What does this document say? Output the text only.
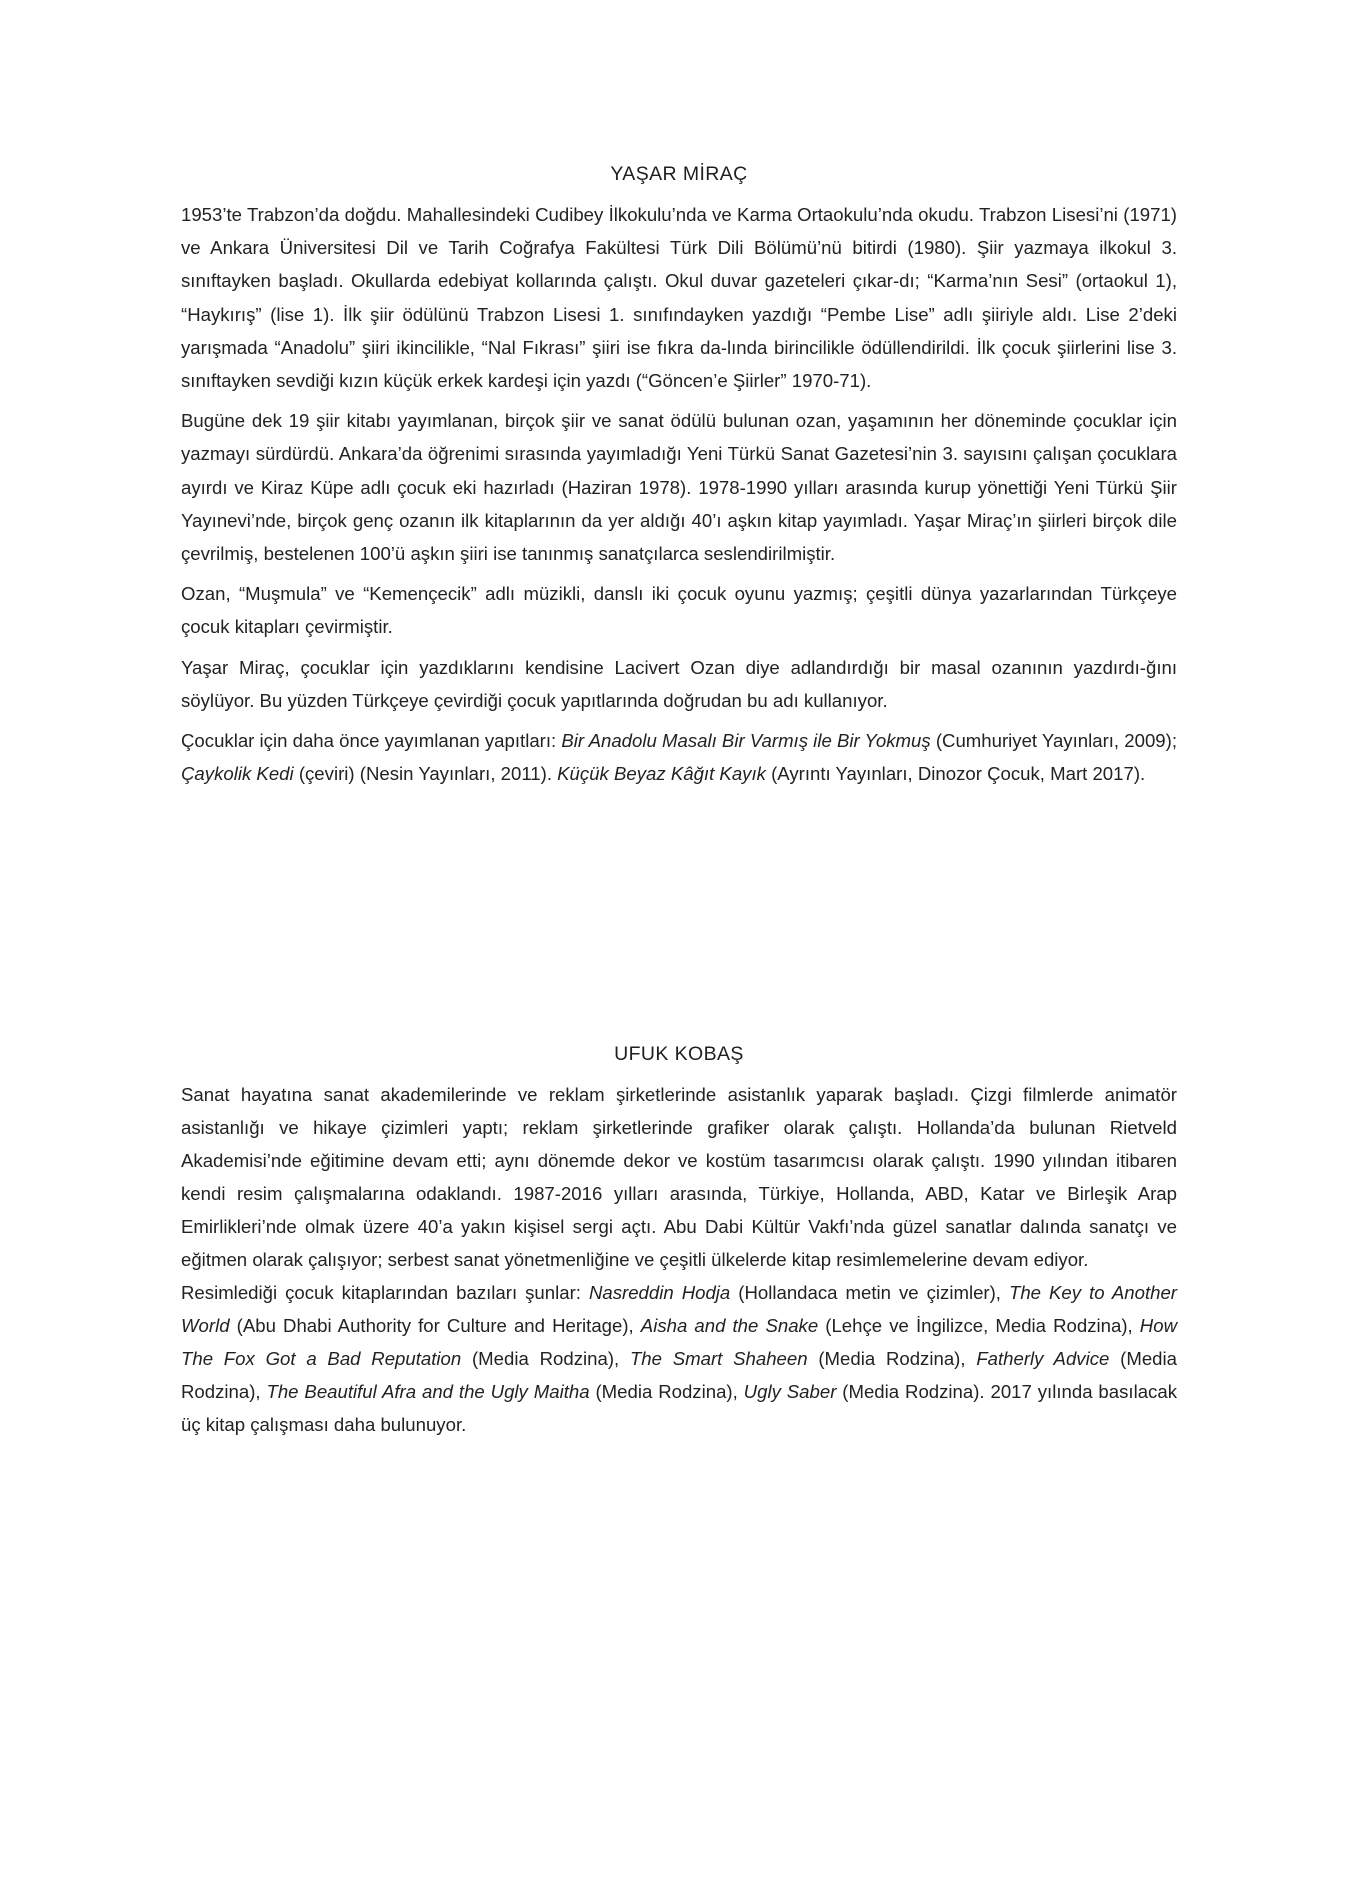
YAŞAR MİRAÇ

1953’te Trabzon’da doğdu. Mahallesindeki Cudibey İlkokulu’nda ve Karma Ortaokulu’nda okudu. Trabzon Lisesi’ni (1971) ve Ankara Üniversitesi Dil ve Tarih Coğrafya Fakültesi Türk Dili Bölümü’nü bitirdi (1980). Şiir yazmaya ilkokul 3. sınıftayken başladı. Okullarda edebiyat kollarında çalıştı. Okul duvar gazeteleri çıkar-dı; “Karma’nın Sesi” (ortaokul 1), “Haykırış” (lise 1). İlk şiir ödülünü Trabzon Lisesi 1. sınıfındayken yazdığı “Pembe Lise” adlı şiiriyle aldı. Lise 2’deki yarışmada “Anadolu” şiiri ikincilikle, “Nal Fıkrası” şiiri ise fıkra da-lında birincilikle ödüllendirildi. İlk çocuk şiirlerini lise 3. sınıftayken sevdiği kızın küçük erkek kardeşi için yazdı (“Göncen’e Şiirler” 1970-71).

Bugüne dek 19 şiir kitabı yayımlanan, birçok şiir ve sanat ödülü bulunan ozan, yaşamının her döneminde çocuklar için yazmayı sürdürdü. Ankara’da öğrenimi sırasında yayımladığı Yeni Türkü Sanat Gazetesi’nin 3. sayısını çalışan çocuklara ayırdı ve Kiraz Küpe adlı çocuk eki hazırladı (Haziran 1978). 1978-1990 yılları arasında kurup yönettiği Yeni Türkü Şiir Yayınevi’nde, birçok genç ozanın ilk kitaplarının da yer aldığı 40’ı aşkın kitap yayımladı. Yaşar Miraç’ın şiirleri birçok dile çevrilmiş, bestelenen 100’ü aşkın şiiri ise tanınmış sanatçılarca seslendirilmiştir.

Ozan, “Muşmula” ve “Kemençecik” adlı müzikli, danslı iki çocuk oyunu yazmış; çeşitli dünya yazarlarından Türkçeye çocuk kitapları çevirmiştir.

Yaşar Miraç, çocuklar için yazdıklarını kendisine Lacivert Ozan diye adlandırdığı bir masal ozanının yazdırdı-ğını söylüyor. Bu yüzden Türkçeye çevirdiği çocuk yapıtlarında doğrudan bu adı kullanıyor.

Çocuklar için daha önce yayımlanan yapıtları: Bir Anadolu Masalı Bir Varmış ile Bir Yokmuş (Cumhuriyet Yayınları, 2009); Çaykolik Kedi (çeviri) (Nesin Yayınları, 2011). Küçük Beyaz Kâğıt Kayık (Ayrıntı Yayınları, Dinozor Çocuk, Mart 2017).

UFUK KOBAŞ

Sanat hayatına sanat akademilerinde ve reklam şirketlerinde asistanlık yaparak başladı. Çizgi filmlerde animatör asistanlığı ve hikaye çizimleri yaptı; reklam şirketlerinde grafiker olarak çalıştı. Hollanda’da bulunan Rietveld Akademisi’nde eğitimine devam etti; aynı dönemde dekor ve kostüm tasarımcısı olarak çalıştı. 1990 yılından itibaren kendi resim çalışmalarına odaklandı. 1987-2016 yılları arasında, Türkiye, Hollanda, ABD, Katar ve Birleşik Arap Emirlikleri’nde olmak üzere 40’a yakın kişisel sergi açtı. Abu Dabi Kültür Vakfı’nda güzel sanatlar dalında sanatçı ve eğitmen olarak çalışıyor; serbest sanat yönetmenliğine ve çeşitli ülkelerde kitap resimlemelerine devam ediyor.

Resimlediği çocuk kitaplarından bazıları şunlar: Nasreddin Hodja (Hollandaca metin ve çizimler), The Key to Another World (Abu Dhabi Authority for Culture and Heritage), Aisha and the Snake (Lehçe ve İngilizce, Media Rodzina), How The Fox Got a Bad Reputation (Media Rodzina), The Smart Shaheen (Media Rodzina), Fatherly Advice (Media Rodzina), The Beautiful Afra and the Ugly Maitha (Media Rodzina), Ugly Saber (Media Rodzina). 2017 yılında basılacak üç kitap çalışması daha bulunuyor.
